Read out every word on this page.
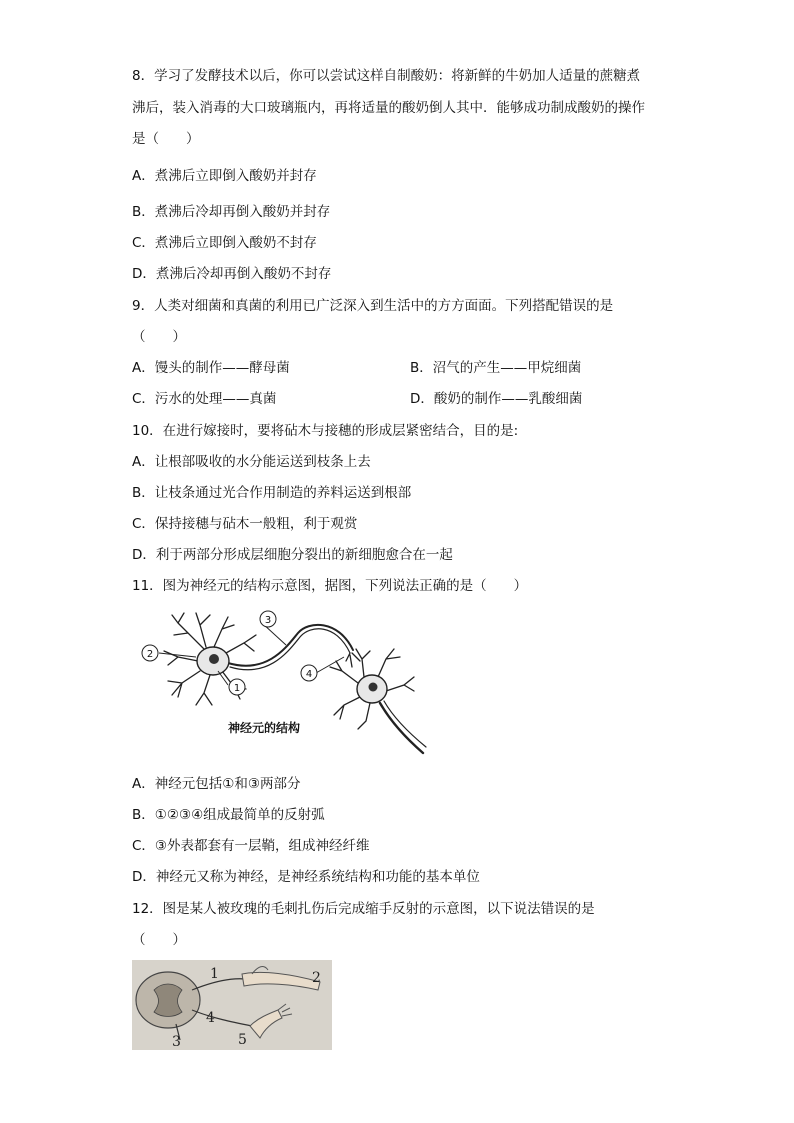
8．学习了发酵技术以后，你可以尝试这样自制酸奶：将新鲜的牛奶加人适量的蔗糖煮
沸后，装入消毒的大口玻璃瓶内，再将适量的酸奶倒人其中．能够成功制成酸奶的操作
是（　　）
A．煮沸后立即倒入酸奶并封存
B．煮沸后冷却再倒入酸奶并封存
C．煮沸后立即倒入酸奶不封存
D．煮沸后冷却再倒入酸奶不封存
9．人类对细菌和真菌的利用已广泛深入到生活中的方方面面。下列搭配错误的是
（　　）
A．馒头的制作——酵母菌	B．沼气的产生——甲烷细菌
C．污水的处理——真菌	D．酸奶的制作——乳酸细菌
10．在进行嫁接时，要将砧木与接穗的形成层紧密结合，目的是:
A．让根部吸收的水分能运送到枝条上去
B．让枝条通过光合作用制造的养料运送到根部
C．保持接穗与砧木一般粗，利于观赏
D．利于两部分形成层细胞分裂出的新细胞愈合在一起
11．图为神经元的结构示意图，据图，下列说法正确的是（　　）
1
2
3
4
神经元的结构
A．神经元包括①和③两部分
B．①②③④组成最简单的反射弧
C．③外表都套有一层鞘，组成神经纤维
D．神经元又称为神经，是神经系统结构和功能的基本单位
12．图是某人被玫瑰的毛刺扎伤后完成缩手反射的示意图，以下说法错误的是
（　　）
1	2
3
4
5
